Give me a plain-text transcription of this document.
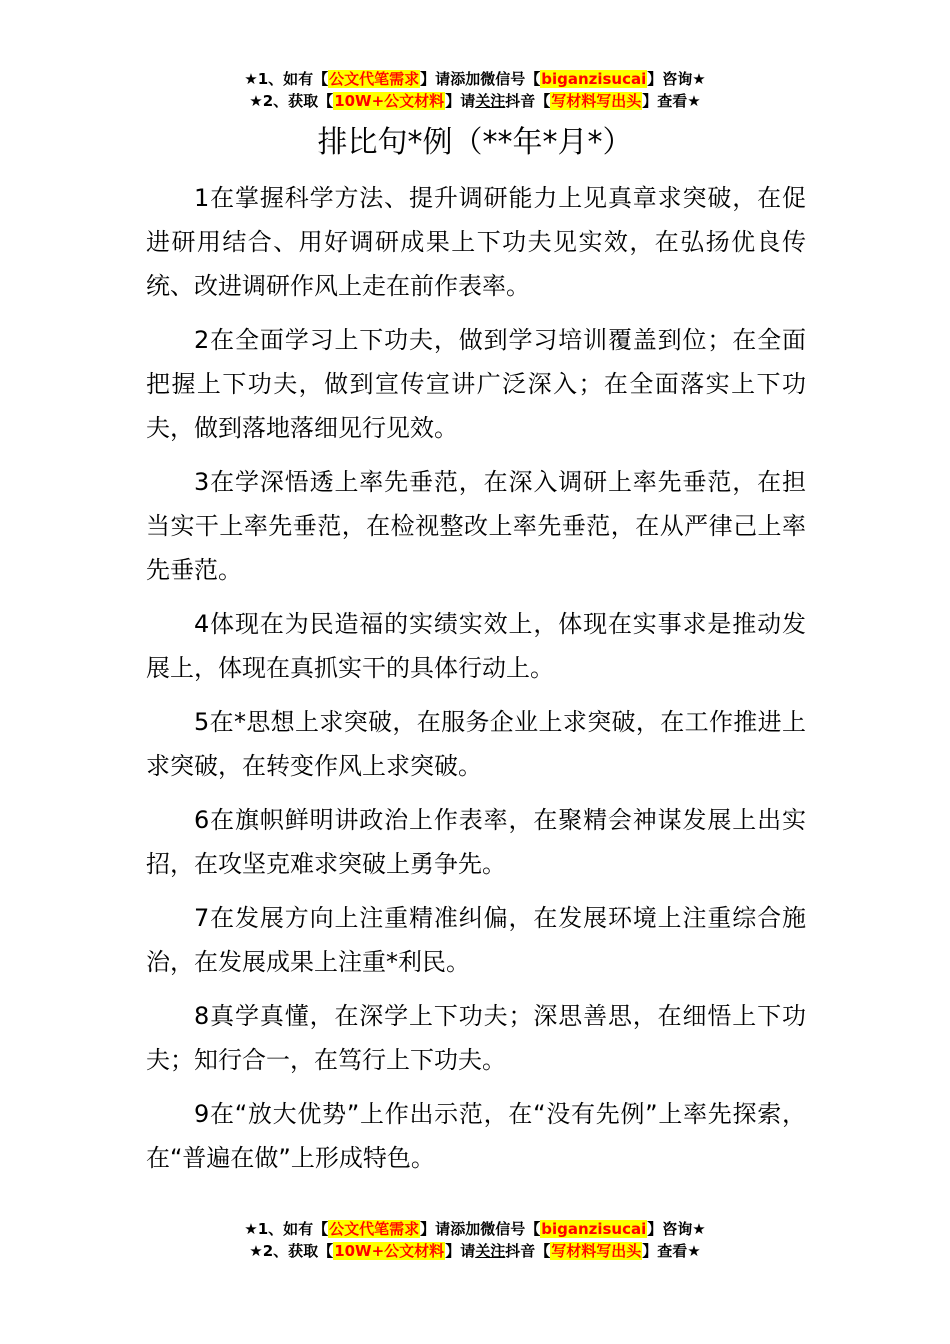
★1、如有【公文代笔需求】请添加微信号【biganzisucai】咨询★
★2、获取【10W+公文材料】请关注抖音【写材料写出头】查看★
排比句*例（**年*月*）

1在掌握科学方法、提升调研能力上见真章求突破，在促进研用结合、用好调研成果上下功夫见实效，在弘扬优良传统、改进调研作风上走在前作表率。

2在全面学习上下功夫，做到学习培训覆盖到位；在全面把握上下功夫，做到宣传宣讲广泛深入；在全面落实上下功夫，做到落地落细见行见效。

3在学深悟透上率先垂范，在深入调研上率先垂范，在担当实干上率先垂范，在检视整改上率先垂范，在从严律己上率先垂范。

4体现在为民造福的实绩实效上，体现在实事求是推动发展上，体现在真抓实干的具体行动上。

5在*思想上求突破，在服务企业上求突破，在工作推进上求突破，在转变作风上求突破。

6在旗帜鲜明讲政治上作表率，在聚精会神谋发展上出实招，在攻坚克难求突破上勇争先。

7在发展方向上注重精准纠偏，在发展环境上注重综合施治，在发展成果上注重*利民。

8真学真懂，在深学上下功夫；深思善思，在细悟上下功夫；知行合一，在笃行上下功夫。

9在“放大优势”上作出示范，在“没有先例”上率先探索，在“普遍在做”上形成特色。

★1、如有【公文代笔需求】请添加微信号【biganzisucai】咨询★
★2、获取【10W+公文材料】请关注抖音【写材料写出头】查看★
